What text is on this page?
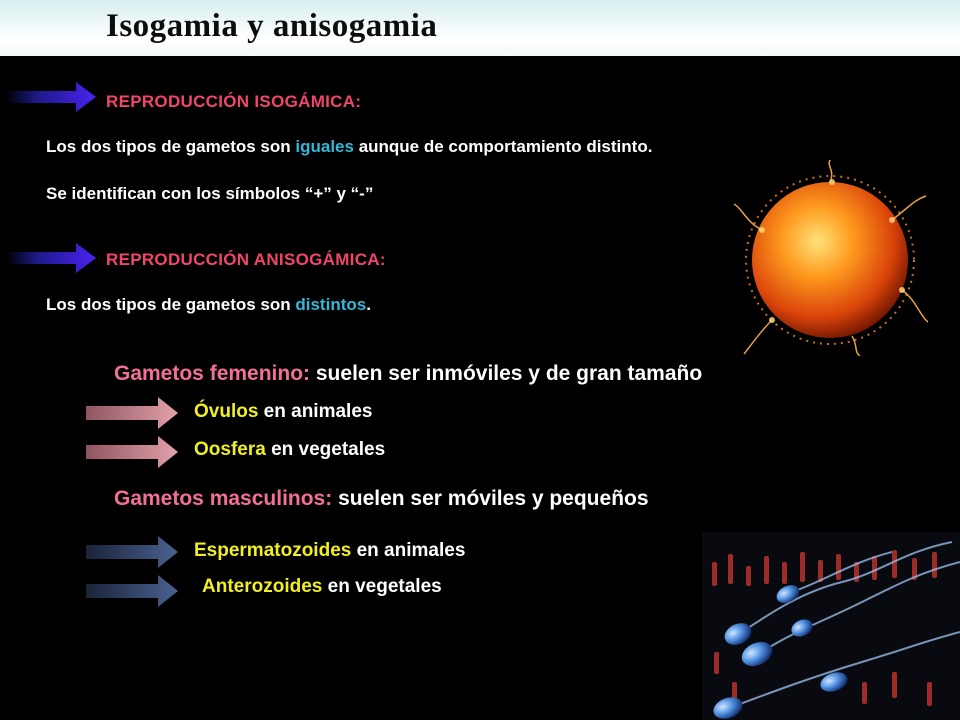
Isogamia y anisogamia
REPRODUCCIÓN ISOGÁMICA:
Los dos tipos de gametos son iguales aunque de comportamiento distinto.
Se identifican con los símbolos “+” y “-”
REPRODUCCIÓN ANISOGÁMICA:
Los dos tipos de gametos son distintos.
Gametos femenino: suelen ser inmóviles y de gran tamaño
Óvulos en animales
Oosfera en vegetales
Gametos masculinos: suelen ser móviles y pequeños
Espermatozoides en animales
Anterozoides en vegetales
